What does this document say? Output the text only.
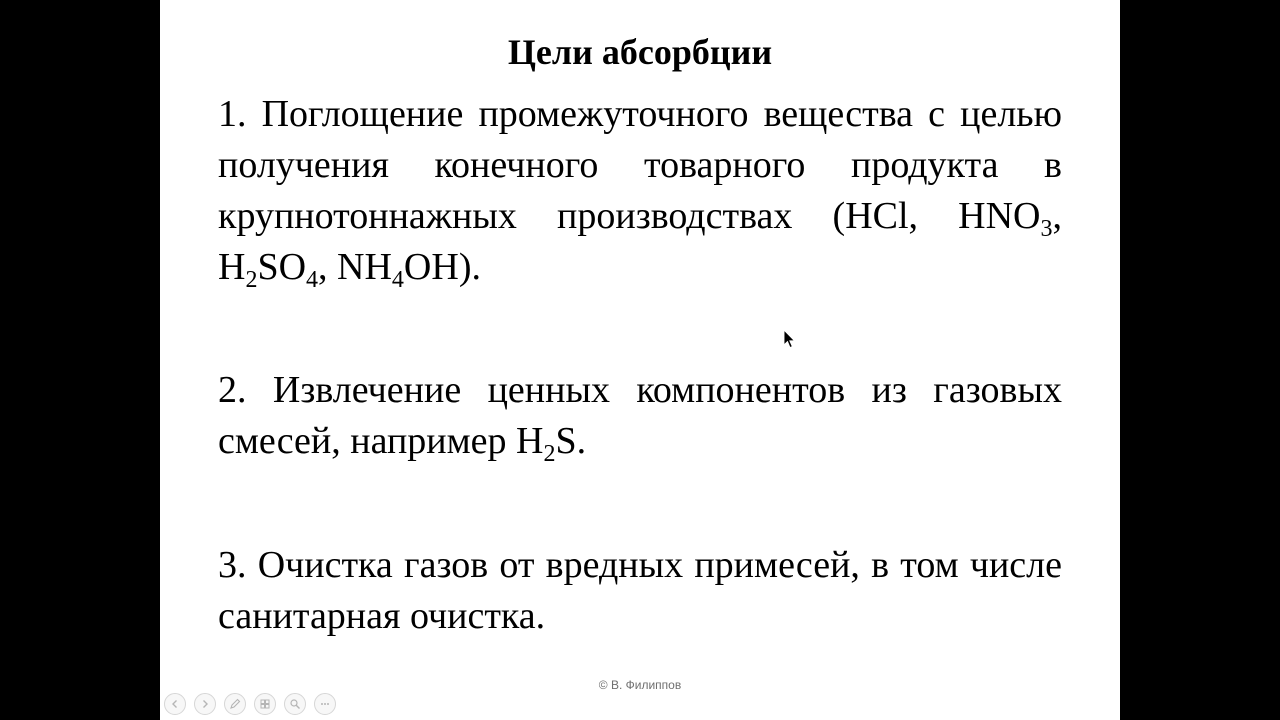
Цели абсорбции
1. Поглощение промежуточного вещества с целью получения конечного товарного продукта в крупнотоннажных производствах (HCl, $HNO_3$, $H_2SO_4$, $NH_4OH$).
2. Извлечение ценных компонентов из газовых смесей, например $H_2S$.
3. Очистка газов от вредных примесей, в том числе санитарная очистка.
© В. Филиппов
